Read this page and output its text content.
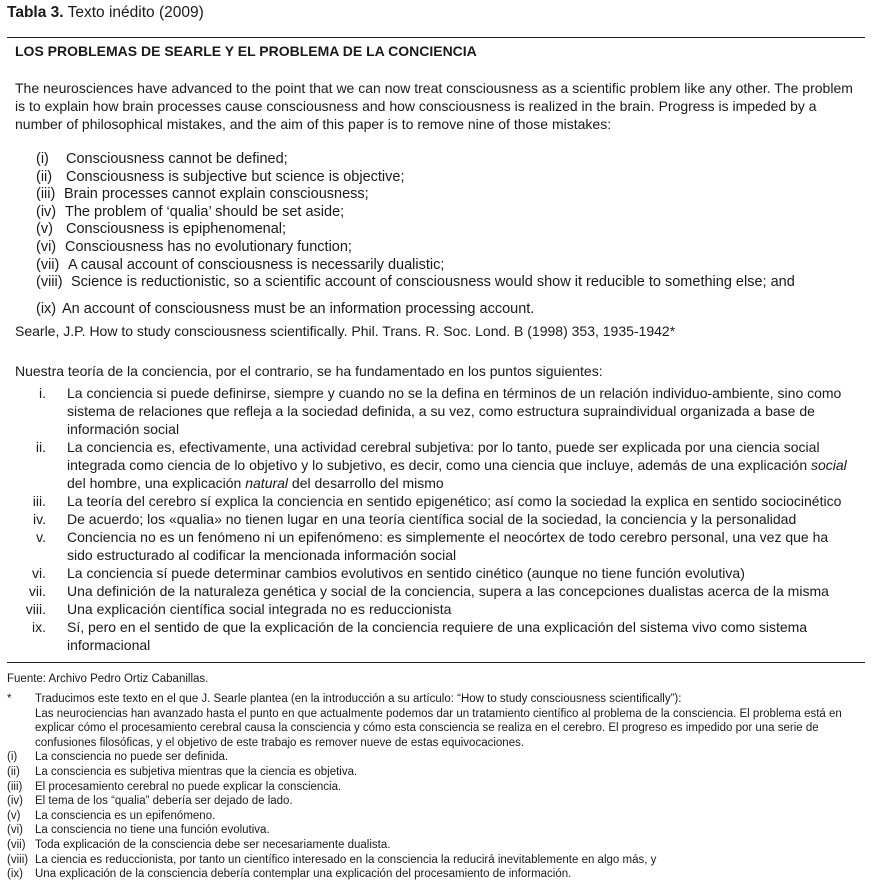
Tabla 3. Texto inédito (2009)
LOS PROBLEMAS DE SEARLE Y EL PROBLEMA DE LA CONCIENCIA
The neurosciences have advanced to the point that we can now treat consciousness as a scientific problem like any other. The problem is to explain how brain processes cause consciousness and how consciousness is realized in the brain. Progress is impeded by a number of philosophical mistakes, and the aim of this paper is to remove nine of those mistakes:
(i) Consciousness cannot be defined;
(ii) Consciousness is subjective but science is objective;
(iii) Brain processes cannot explain consciousness;
(iv) The problem of ‘qualia’ should be set aside;
(v) Consciousness is epiphenomenal;
(vi) Consciousness has no evolutionary function;
(vii) A causal account of consciousness is necessarily dualistic;
(viii) Science is reductionistic, so a scientific account of consciousness would show it reducible to something else; and
(ix) An account of consciousness must be an information processing account.
Searle, J.P. How to study consciousness scientifically. Phil. Trans. R. Soc. Lond. B (1998) 353, 1935-1942*
Nuestra teoría de la conciencia, por el contrario, se ha fundamentado en los puntos siguientes:
i. La conciencia si puede definirse, siempre y cuando no se la defina en términos de un relación individuo-ambiente, sino como sistema de relaciones que refleja a la sociedad definida, a su vez, como estructura supraindividual organizada a base de información social
ii. La conciencia es, efectivamente, una actividad cerebral subjetiva: por lo tanto, puede ser explicada por una ciencia social integrada como ciencia de lo objetivo y lo subjetivo, es decir, como una ciencia que incluye, además de una explicación social del hombre, una explicación natural del desarrollo del mismo
iii. La teoría del cerebro sí explica la conciencia en sentido epigenético; así como la sociedad la explica en sentido sociocinético
iv. De acuerdo; los «qualia» no tienen lugar en una teoría científica social de la sociedad, la conciencia y la personalidad
v. Conciencia no es un fenómeno ni un epifenómeno: es simplemente el neocórtex de todo cerebro personal, una vez que ha sido estructurado al codificar la mencionada información social
vi. La conciencia sí puede determinar cambios evolutivos en sentido cinético (aunque no tiene función evolutiva)
vii. Una definición de la naturaleza genética y social de la conciencia, supera a las concepciones dualistas acerca de la misma
viii. Una explicación científica social integrada no es reduccionista
ix. Sí, pero en el sentido de que la explicación de la conciencia requiere de una explicación del sistema vivo como sistema informacional
Fuente: Archivo Pedro Ortiz Cabanillas.
* Traducimos este texto en el que J. Searle plantea (en la introducción a su artículo: “How to study consciousness scientifically”):
Las neurociencias han avanzado hasta el punto en que actualmente podemos dar un tratamiento científico al problema de la consciencia. El problema está en explicar cómo el procesamiento cerebral causa la consciencia y cómo esta consciencia se realiza en el cerebro. El progreso es impedido por una serie de confusiones filosóficas, y el objetivo de este trabajo es remover nueve de estas equivocaciones.
(i) La consciencia no puede ser definida.
(ii) La consciencia es subjetiva mientras que la ciencia es objetiva.
(iii) El procesamiento cerebral no puede explicar la consciencia.
(iv) El tema de los “qualia” debería ser dejado de lado.
(v) La consciencia es un epifenómeno.
(vi) La consciencia no tiene una función evolutiva.
(vii) Toda explicación de la consciencia debe ser necesariamente dualista.
(viii) La ciencia es reduccionista, por tanto un científico interesado en la consciencia la reducirá inevitablemente en algo más, y
(ix) Una explicación de la consciencia debería contemplar una explicación del procesamiento de información.
